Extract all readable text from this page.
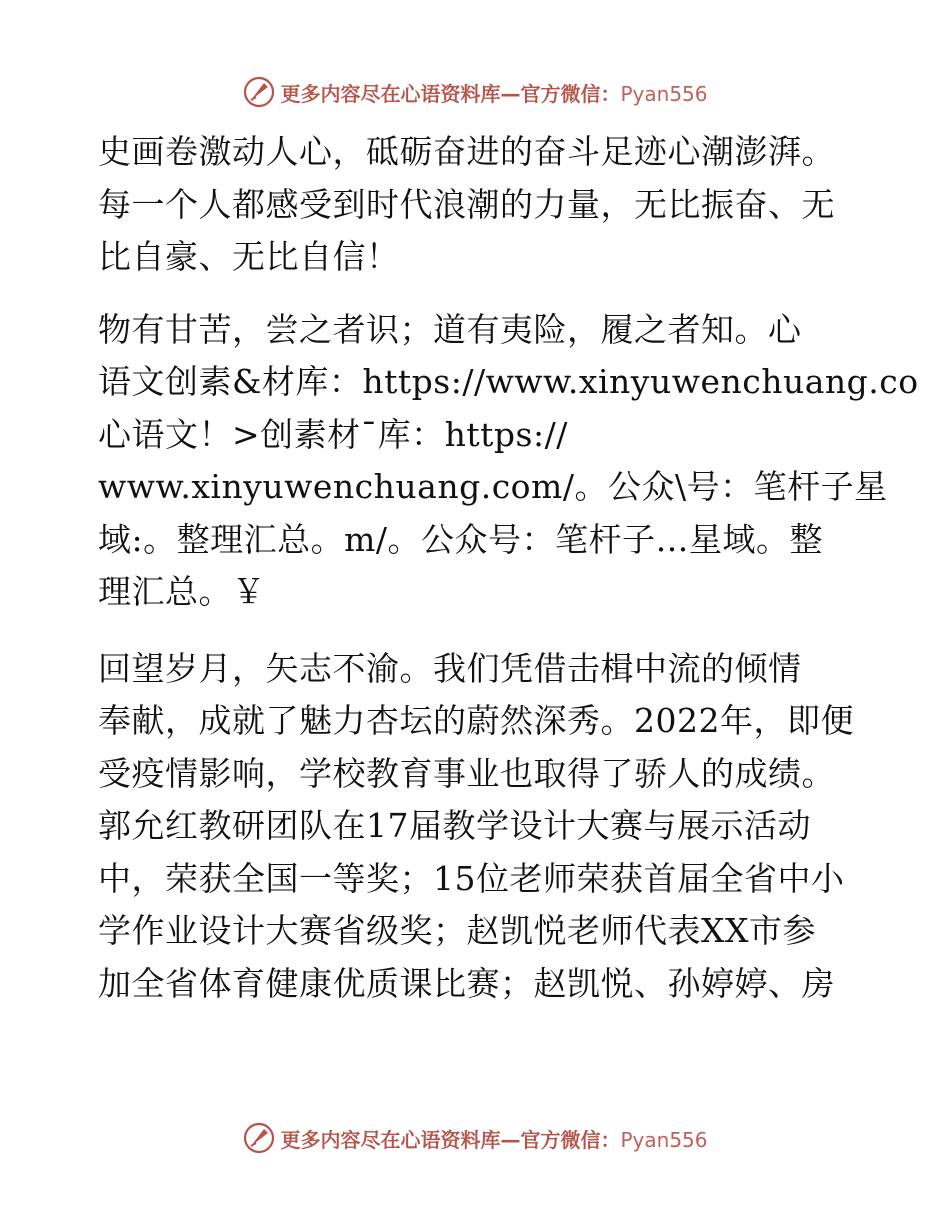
更多内容尽在心语资料库—官方微信：Pyan556

史画卷激动人心，砥砺奋进的奋斗足迹心潮澎湃。
每一个人都感受到时代浪潮的力量，无比振奋、无
比自豪、无比自信！

物有甘苦，尝之者识；道有夷险，履之者知。心
语文创素&材库：https://www.xinyuwenchuang.co
心语文！>创素材¯库：https://
www.xinyuwenchuang.com/。公众\号：笔杆子星
域:。整理汇总。m/。公众号：笔杆子…星域。整
理汇总。￥

回望岁月，矢志不渝。我们凭借击楫中流的倾情
奉献，成就了魅力杏坛的蔚然深秀。2022年，即便
受疫情影响，学校教育事业也取得了骄人的成绩。
郭允红教研团队在17届教学设计大赛与展示活动
中，荣获全国一等奖；15位老师荣获首届全省中小
学作业设计大赛省级奖；赵凯悦老师代表XX市参
加全省体育健康优质课比赛；赵凯悦、孙婷婷、房

更多内容尽在心语资料库—官方微信：Pyan556
